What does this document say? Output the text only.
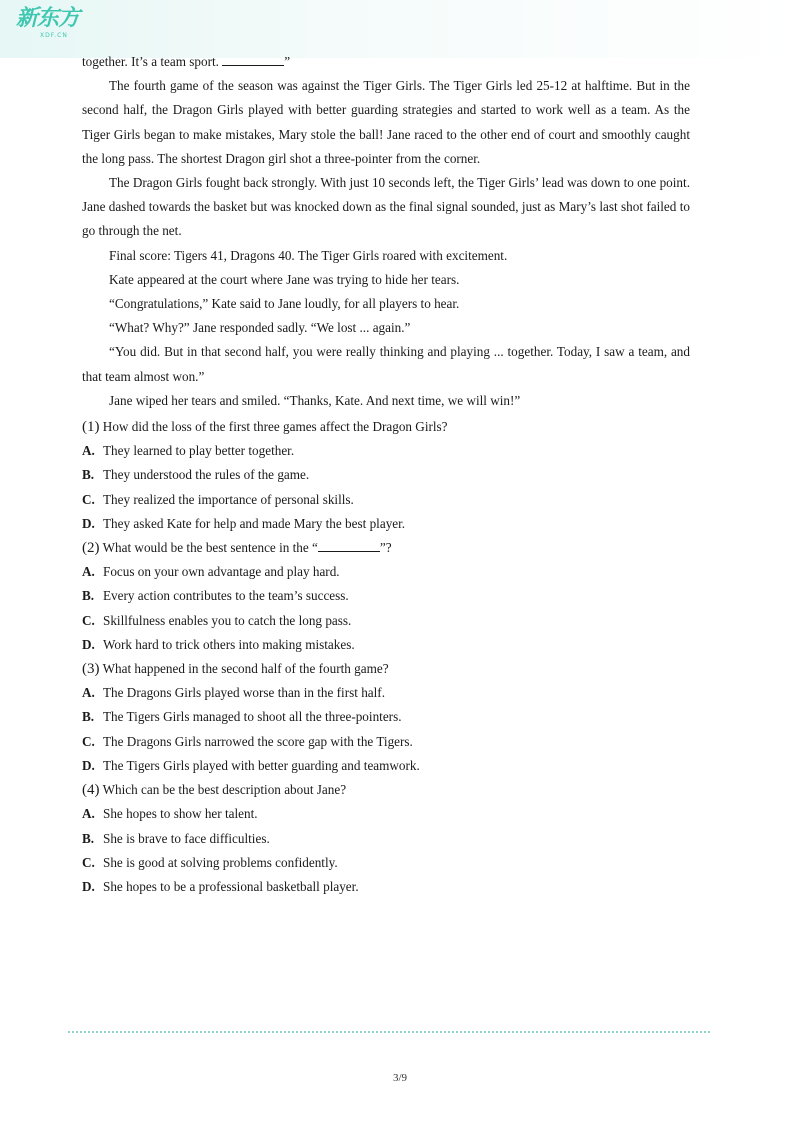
新东方
XDF.CN

together. It’s a team sport.	”

The fourth game of the season was against the Tiger Girls. The Tiger Girls led 25-12 at halftime. But in the second half, the Dragon Girls played with better guarding strategies and started to work well as a team. As the Tiger Girls began to make mistakes, Mary stole the ball! Jane raced to the other end of court and smoothly caught the long pass. The shortest Dragon girl shot a three-pointer from the corner.

The Dragon Girls fought back strongly. With just 10 seconds left, the Tiger Girls’ lead was down to one point. Jane dashed towards the basket but was knocked down as the final signal sounded, just as Mary’s last shot failed to go through the net.

Final score: Tigers 41, Dragons 40. The Tiger Girls roared with excitement.

Kate appeared at the court where Jane was trying to hide her tears.

“Congratulations,” Kate said to Jane loudly, for all players to hear.

“What? Why?” Jane responded sadly. “We lost ... again.”

“You did. But in that second half, you were really thinking and playing ... together. Today, I saw a team, and that team almost won.”

Jane wiped her tears and smiled. “Thanks, Kate. And next time, we will win!”

(1) How did the loss of the first three games affect the Dragon Girls?

A. They learned to play better together.

B. They understood the rules of the game.

C. They realized the importance of personal skills.

D. They asked Kate for help and made Mary the best player.

(2) What would be the best sentence in the “	”?

A. Focus on your own advantage and play hard.

B. Every action contributes to the team’s success.

C. Skillfulness enables you to catch the long pass.

D. Work hard to trick others into making mistakes.

(3) What happened in the second half of the fourth game?

A. The Dragons Girls played worse than in the first half.

B. The Tigers Girls managed to shoot all the three-pointers.

C. The Dragons Girls narrowed the score gap with the Tigers.

D. The Tigers Girls played with better guarding and teamwork.

(4) Which can be the best description about Jane?

A. She hopes to show her talent.

B. She is brave to face difficulties.

C. She is good at solving problems confidently.

D. She hopes to be a professional basketball player.

3/9
